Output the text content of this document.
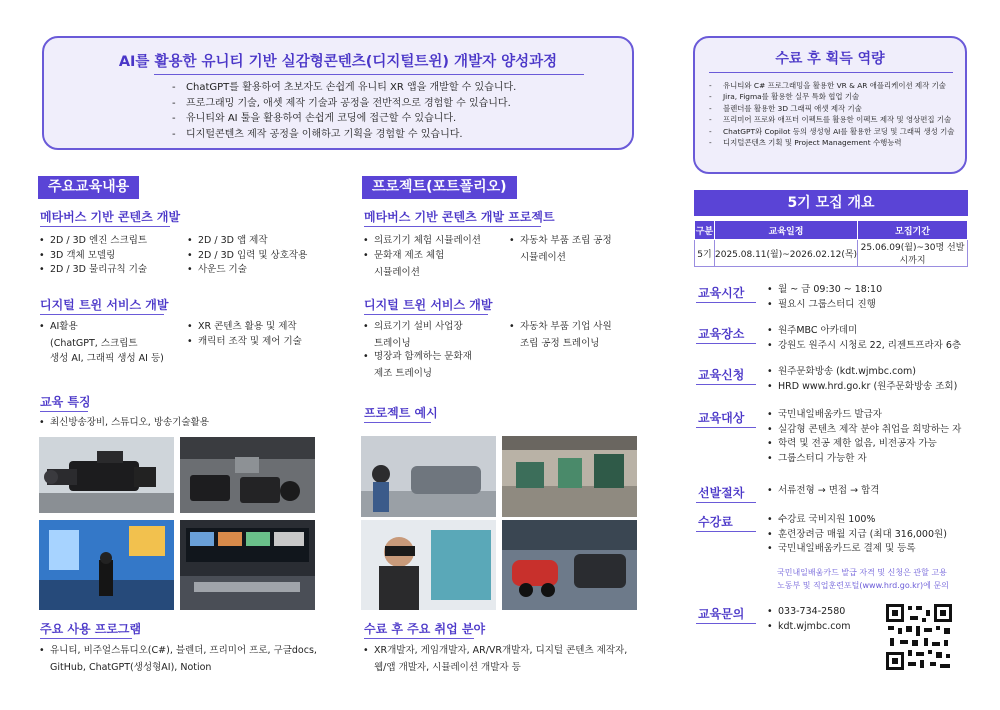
AI를 활용한 유니티 기반 실감형콘텐츠(디지털트윈) 개발자 양성과정
- ChatGPT를 활용하여 초보자도 손쉽게 유니티 XR 앱을 개발할 수 있습니다.
- 프로그래밍 기술, 애셋 제작 기술과 공정을 전반적으로 경험할 수 있습니다.
- 유니티와 AI 툴을 활용하여 손쉽게 코딩에 접근할 수 있습니다.
- 디지털콘텐츠 제작 공정을 이해하고 기획을 경험할 수 있습니다.
수료 후 획득 역량
- 유니티와 C# 프로그래밍을 활용한 VR & AR 애플리케이션 제작 기술
- Jira, Figma를 활용한 실무 특화 협업 기술
- 블렌더를 활용한 3D 그래픽 애셋 제작 기술
- 프리미어 프로와 애프터 이펙트를 활용한 이펙트 제작 및 영상편집 기술
- ChatGPT와 Copilot 등의 생성형 AI를 활용한 코딩 및 그래픽 생성 기술
- 디지털콘텐츠 기획 및 Project Management 수행능력
주요교육내용
메타버스 기반 콘텐츠 개발
• 2D / 3D 엔진 스크립트
• 3D 객체 모델링
• 2D / 3D 물리규칙 기술
• 2D / 3D 앱 제작
• 2D / 3D 입력 및 상호작용
• 사운드 기술
디지털 트윈 서비스 개발
• AI활용
(ChatGPT, 스크립트
생성 AI, 그래픽 생성 AI 등)
• XR 콘텐츠 활용 및 제작
• 캐릭터 조작 및 제어 기술
교육 특징
• 최신방송장비, 스튜디오, 방송기술활용
주요 사용 프로그램
• 유니티, 비주얼스튜디오(C#), 블렌더, 프리미어 프로, 구글docs,
GitHub, ChatGPT(생성형AI), Notion
프로젝트(포트폴리오)
메타버스 기반 콘텐츠 개발 프로젝트
• 의료기기 체험 시뮬레이션
• 문화재 제조 체험
시뮬레이션
• 자동차 부품 조립 공정
시뮬레이션
디지털 트윈 서비스 개발
• 의료기기 설비 사업장
트레이닝
• 명장과 함께하는 문화재
제조 트레이닝
• 자동차 부품 기업 사원
조립 공정 트레이닝
프로젝트 예시
수료 후 주요 취업 분야
• XR개발자, 게임개발자, AR/VR개발자, 디지털 콘텐츠 제작자,
웹/앱 개발자, 시뮬레이션 개발자 등
5기 모집 개요
구분	교육일정	모집기간
5기	2025.08.11(월)~2026.02.12(목)	25.06.09(월)~30명 선발시까지
교육시간	• 월 ~ 금 09:30 ~ 18:10
• 필요시 그룹스터디 진행
교육장소	• 원주MBC 아카데미
• 강원도 원주시 시청로 22, 리젠트프라자 6층
교육신청	• 원주문화방송 (kdt.wjmbc.com)
• HRD www.hrd.go.kr (원주문화방송 조회)
교육대상	• 국민내일배움카드 발급자
• 실감형 콘텐츠 제작 분야 취업을 희망하는 자
• 학력 및 전공 제한 없음, 비전공자 가능
• 그룹스터디 가능한 자
선발절차	• 서류전형 → 면접 → 합격
수강료	• 수강료 국비지원 100%
• 훈련장려금 매월 지급 (최대 316,000원)
• 국민내일배움카드로 결제 및 등록
국민내일배움카드 발급 자격 및 신청은 관할 고용
노동부 및 직업훈련포털(www.hrd.go.kr)에 문의
교육문의	• 033-734-2580
• kdt.wjmbc.com
